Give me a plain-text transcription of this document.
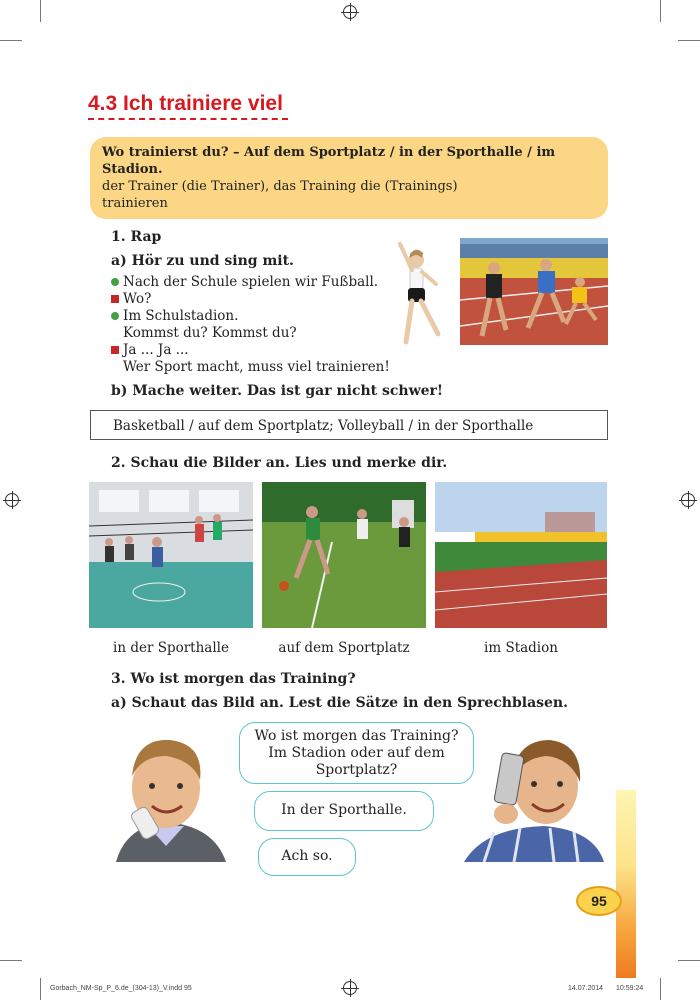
4.3 Ich trainiere viel
Wo trainierst du? – Auf dem Sportplatz / in der Sporthalle / im Stadion.
der Trainer (die Trainer), das Training die (Trainings)
trainieren
1. Rap
a) Hör zu und sing mit.
Nach der Schule spielen wir Fußball.
Wo?
Im Schulstadion.
Kommst du? Kommst du?
Ja ... Ja ...
Wer Sport macht, muss viel trainieren!
b) Mache weiter. Das ist gar nicht schwer!
Basketball / auf dem Sportplatz; Volleyball / in der Sporthalle
2. Schau die Bilder an. Lies und merke dir.
in der Sporthalle	auf dem Sportplatz	im Stadion
3. Wo ist morgen das Training?
a) Schaut das Bild an. Lest die Sätze in den Sprechblasen.
Wo ist morgen das Training?
Im Stadion oder auf dem
Sportplatz?
In der Sporthalle.
Ach so.
95
Gorbach_NM-Sp_P_6.de_(304-13)_V.indd 95	14.07.2014 10:59:24
